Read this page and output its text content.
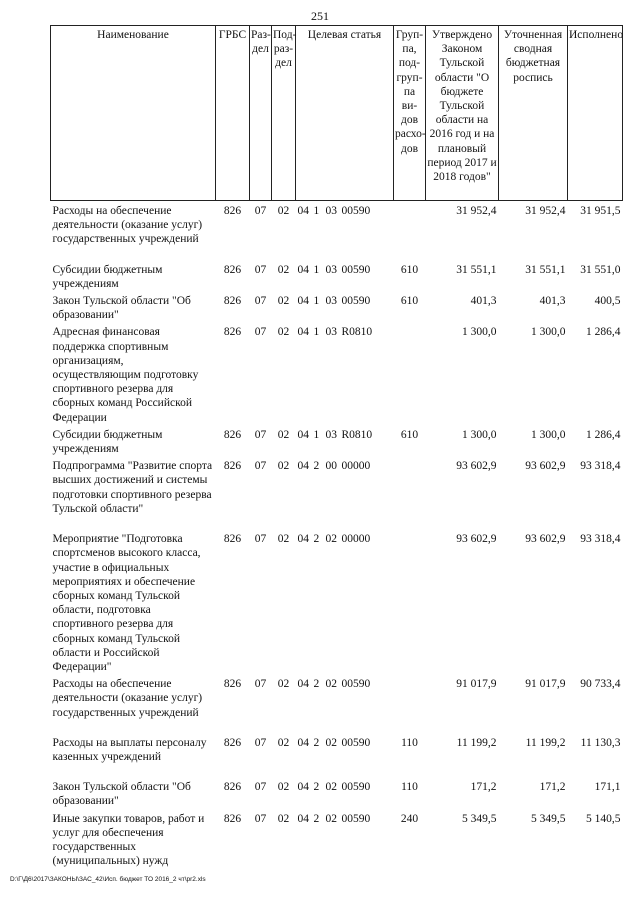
251
Наименование	ГРБС	Раз-дел	Под-раз-дел	Целевая статья	Груп-па, под-груп-па ви-дов расхо-дов	Утверждено Законом Тульской области "О бюджете Тульской области на 2016 год и на плановый период 2017 и 2018 годов"	Уточненная сводная бюджетная роспись	Исполнено
Расходы на обеспечение деятельности (оказание услуг) государственных учреждений	826	07	02	04 1 03 00590		31 952,4	31 952,4	31 951,5
Субсидии бюджетным учреждениям	826	07	02	04 1 03 00590	610	31 551,1	31 551,1	31 551,0
Закон Тульской области "Об образовании"	826	07	02	04 1 03 00590	610	401,3	401,3	400,5
Адресная финансовая поддержка спортивным организациям, осуществляющим подготовку спортивного резерва для сборных команд Российской Федерации	826	07	02	04 1 03 R0810		1 300,0	1 300,0	1 286,4
Субсидии бюджетным учреждениям	826	07	02	04 1 03 R0810	610	1 300,0	1 300,0	1 286,4
Подпрограмма "Развитие спорта высших достижений и системы подготовки спортивного резерва Тульской области"	826	07	02	04 2 00 00000		93 602,9	93 602,9	93 318,4
Мероприятие "Подготовка спортсменов высокого класса, участие в официальных мероприятиях и обеспечение сборных команд Тульской области, подготовка спортивного резерва для сборных команд Тульской области и Российской Федерации"	826	07	02	04 2 02 00000		93 602,9	93 602,9	93 318,4
Расходы на обеспечение деятельности (оказание услуг) государственных учреждений	826	07	02	04 2 02 00590		91 017,9	91 017,9	90 733,4
Расходы на выплаты персоналу казенных учреждений	826	07	02	04 2 02 00590	110	11 199,2	11 199,2	11 130,3
Закон Тульской области "Об образовании"	826	07	02	04 2 02 00590	110	171,2	171,2	171,1
Иные закупки товаров, работ и услуг для обеспечения государственных (муниципальных) нужд	826	07	02	04 2 02 00590	240	5 349,5	5 349,5	5 140,5
D:\Г\Д6\2017\ЗАКОНЫ\ЗАС_42\Исп. бюджет ТО 2016_2 чт\pr2.xls
